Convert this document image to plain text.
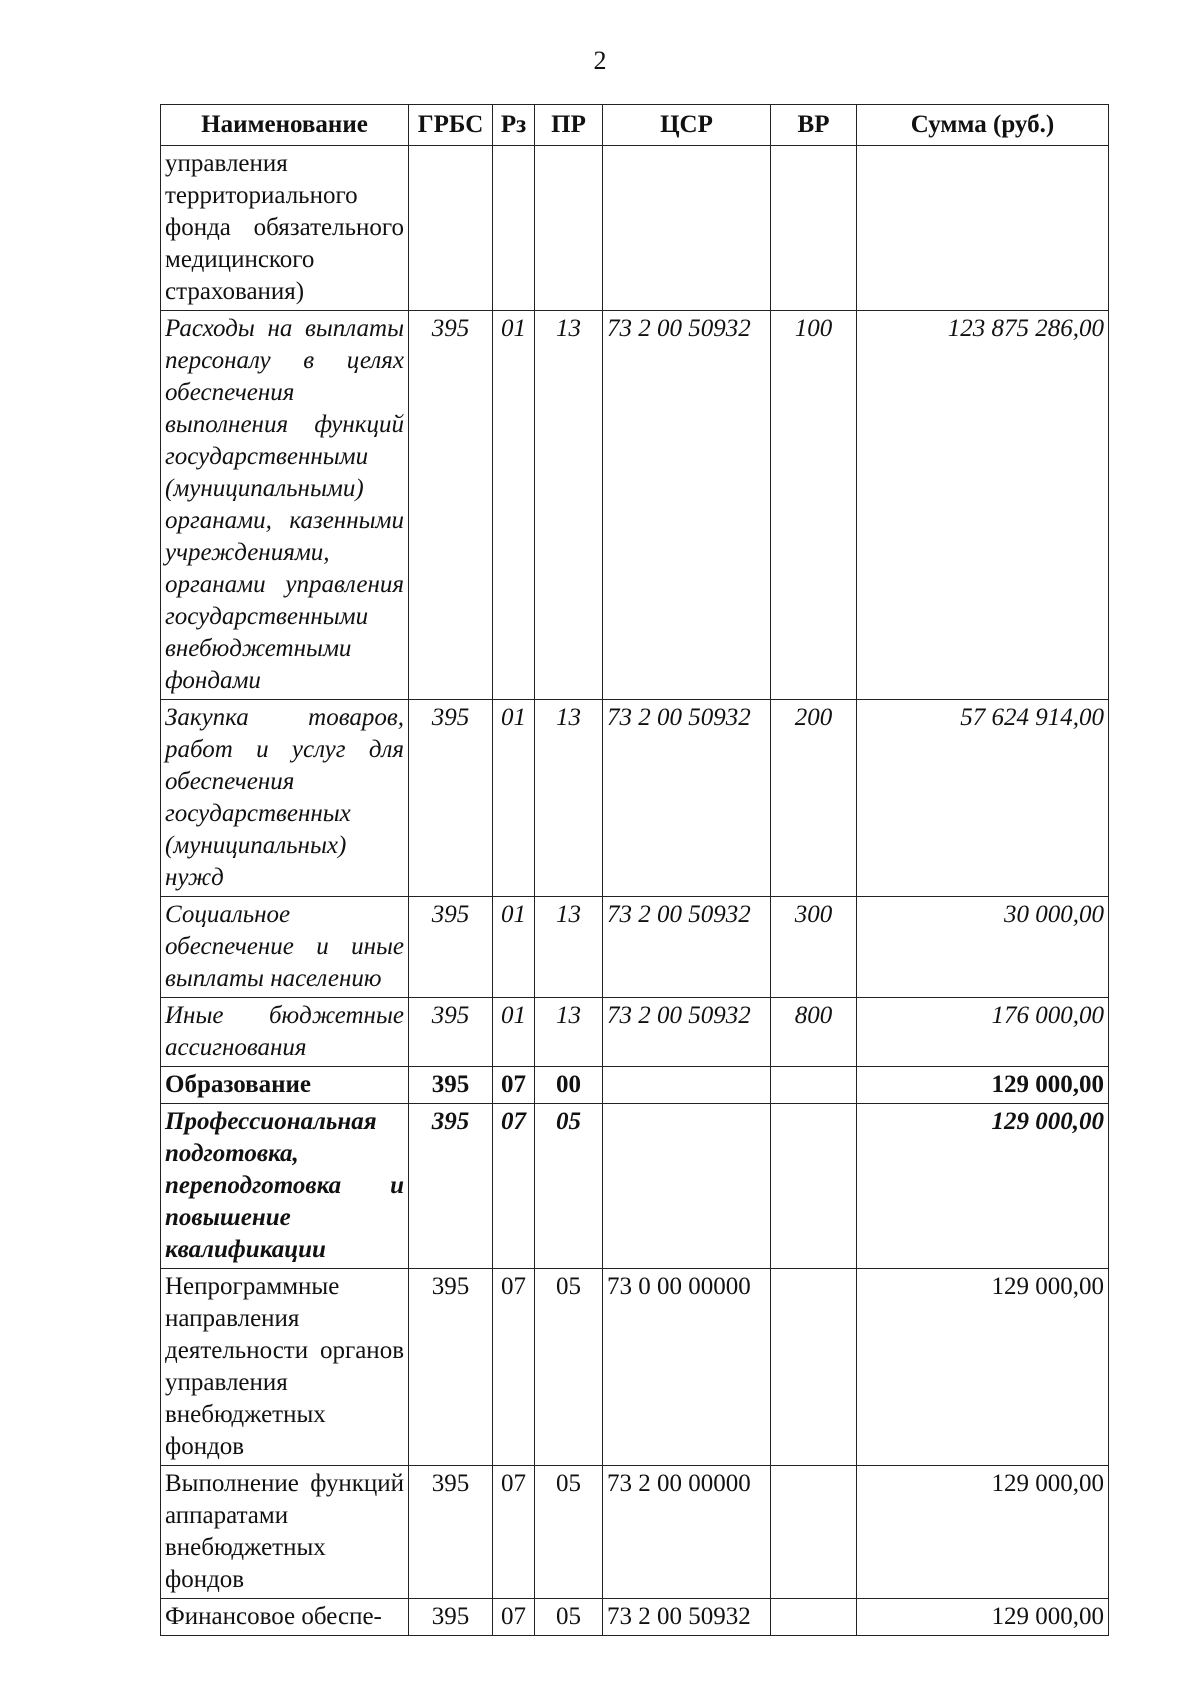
2
Наименование	ГРБС	Рз	ПР	ЦСР	ВР	Сумма (руб.)
управления территориального фонда обязательного медицинского страхования)						
Расходы на выплаты персоналу в целях обеспечения выполнения функций государственными (муниципальными) органами, казенными учреждениями, органами управления государственными внебюджетными фондами	395	01	13	73 2 00 50932	100	123 875 286,00
Закупка товаров, работ и услуг для обеспечения государственных (муниципальных) нужд	395	01	13	73 2 00 50932	200	57 624 914,00
Социальное обеспечение и иные выплаты населению	395	01	13	73 2 00 50932	300	30 000,00
Иные бюджетные ассигнования	395	01	13	73 2 00 50932	800	176 000,00
Образование	395	07	00			129 000,00
Профессиональная подготовка, переподготовка и повышение квалификации	395	07	05			129 000,00
Непрограммные направления деятельности органов управления внебюджетных фондов	395	07	05	73 0 00 00000		129 000,00
Выполнение функций аппаратами внебюджетных фондов	395	07	05	73 2 00 00000		129 000,00
Финансовое обеспе-	395	07	05	73 2 00 50932		129 000,00
